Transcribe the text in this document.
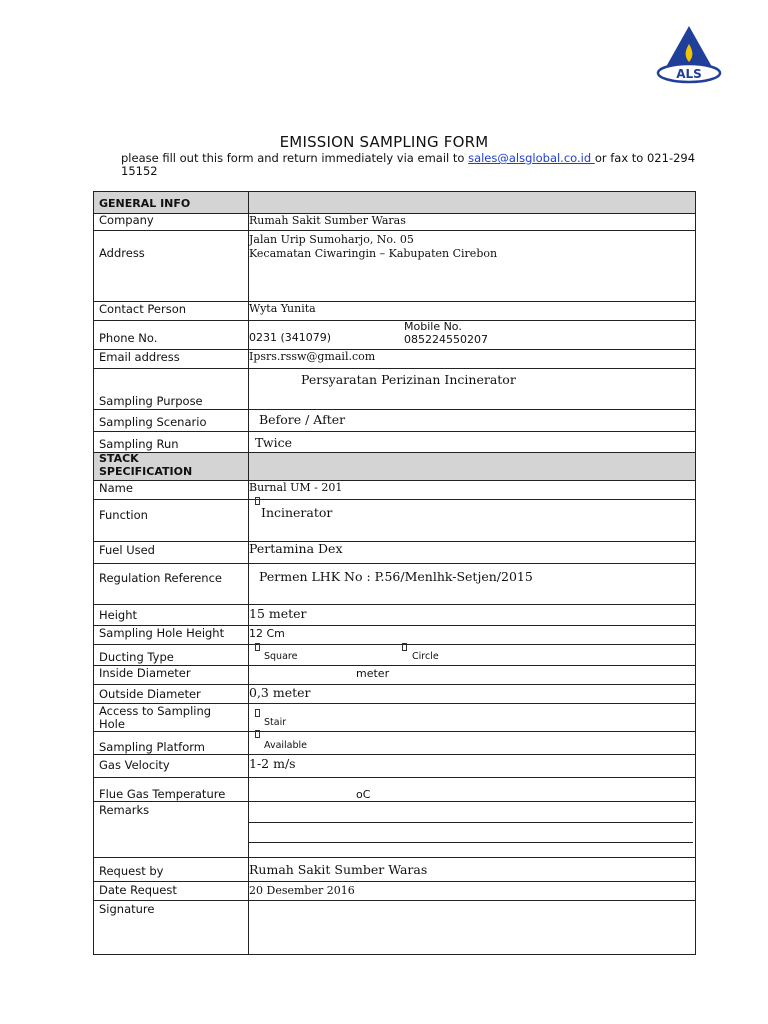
ALS
EMISSION SAMPLING FORM
please fill out this form and return immediately via email to sales@alsglobal.co.id or fax to 021-294 15152
GENERAL INFO
Company	Rumah Sakit Sumber Waras
Address
Jalan Urip Sumoharjo, No. 05
Kecamatan Ciwaringin – Kabupaten Cirebon
Contact Person	Wyta Yunita
Phone No.	0231 (341079)
Mobile No.
085224550207
Email address	Ipsrs.rssw@gmail.com
Sampling Purpose
Persyaratan Perizinan Incinerator
Sampling Scenario	Before / After
Sampling Run	Twice
STACK
SPECIFICATION
Name	Burnal UM - 201
Function	Incinerator
Fuel Used	Pertamina Dex
Regulation Reference	Permen LHK No : P.56/Menlhk-Setjen/2015
Height	15 meter
Sampling Hole Height 12 Cm
Ducting Type	Square	Circle
Inside Diameter	meter
Outside Diameter	0,3 meter
Access to Sampling
Hole	Stair
Sampling Platform	Available
Gas Velocity	1-2 m/s
Flue Gas Temperature	oC
Remarks
Request by	Rumah Sakit Sumber Waras
Date Request	20 Desember 2016
Signature
